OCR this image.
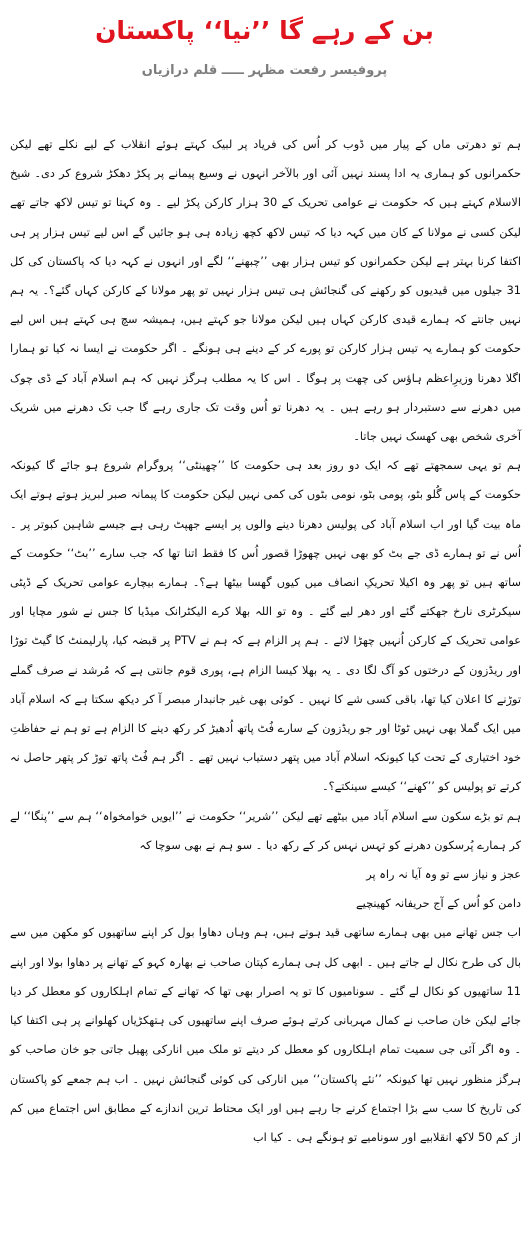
بن کے رہے گا ’’نیا‘‘ پاکستان
پروفیسر رفعت مظہر ـــــ قلم درازیاں

ہم تو دھرتی ماں کے پیار میں ڈوب کر اُس کی فریاد پر لبیک کہتے ہوئے انقلاب کے لیے نکلے تھے لیکن حکمرانوں کو ہماری یہ ادا پسند نہیں آئی اور بالآخر انہوں نے وسیع پیمانے پر پکڑ دھکڑ شروع کر دی۔ شیخ الاسلام کہتے ہیں کہ حکومت نے عوامی تحریک کے 30 ہزار کارکن پکڑ لیے ۔ وہ کہتا تو تیس لاکھ جاتے تھے لیکن کسی نے مولانا کے کان میں کہہ دیا کہ تیس لاکھ کچھ زیادہ ہی ہو جائیں گے اس لیے تیس ہزار پر ہی اکتفا کرنا بہتر ہے لیکن حکمرانوں کو تیس ہزار بھی ’’چبھنے‘‘ لگے اور انہوں نے کہہ دیا کہ پاکستان کی کل 31 جیلوں میں قیدیوں کو رکھنے کی گنجائش ہی تیس ہزار نہیں تو پھر مولانا کے کارکن کہاں گئے؟۔ یہ ہم نہیں جانتے کہ ہمارے قیدی کارکن کہاں ہیں لیکن مولانا جو کہتے ہیں، ہمیشہ سچ ہی کہتے ہیں اس لیے حکومت کو ہمارے یہ تیس ہزار کارکن تو پورے کر کے دینے ہی ہونگے ۔ اگر حکومت نے ایسا نہ کیا تو ہمارا اگلا دھرنا وزیرِاعظم ہاؤس کی چھت پر ہوگا ۔ اس کا یہ مطلب ہرگز نہیں کہ ہم اسلام آباد کے ڈی چوک میں دھرنے سے دستبردار ہو رہے ہیں ۔ یہ دھرنا تو اُس وقت تک جاری رہے گا جب تک دھرنے میں شریک آخری شخص بھی کھسک نہیں جاتا۔

ہم تو یہی سمجھتے تھے کہ ایک دو روز بعد ہی حکومت کا ’’چھینٹی‘‘ پروگرام شروع ہو جائے گا کیونکہ حکومت کے پاس گُلو بٹو، پومی بٹو، نومی بٹوں کی کمی نہیں لیکن حکومت کا پیمانہ صبر لبریز ہوتے ہوتے ایک ماہ بیت گیا اور اب اسلام آباد کی پولیس دھرنا دینے والوں پر ایسے جھپٹ رہی ہے جیسے شاہین کبوتر پر ۔ اُس نے تو ہمارے ڈی جے بٹ کو بھی نہیں چھوڑا قصور اُس کا فقط اتنا تھا کہ جب سارے ’’بٹ‘‘ حکومت کے ساتھ ہیں تو پھر وہ اکیلا تحریکِ انصاف میں کیوں گھسا بیٹھا ہے؟۔ ہمارے بیچارے عوامی تحریک کے ڈپٹی سیکرٹری نارخ جھکتے گئے اور دھر لیے گئے ۔ وہ تو اللہ بھلا کرے الیکٹرانک میڈیا کا جس نے شور مچایا اور عوامی تحریک کے کارکن اُنہیں چھڑا لائے ۔ ہم پر الزام ہے کہ ہم نے PTV پر قبضہ کیا، پارلیمنٹ کا گیٹ توڑا اور ریڈزون کے درختوں کو آگ لگا دی ۔ یہ بھلا کیسا الزام ہے، پوری قوم جانتی ہے کہ مُرشد نے صرف گملے توڑنے کا اعلان کیا تھا، باقی کسی شے کا نہیں ۔ کوئی بھی غیر جانبدار مبصر آ کر دیکھ سکتا ہے کہ اسلام آباد میں ایک گملا بھی نہیں ٹوٹا اور جو ریڈزون کے سارے فُٹ پاتھ اُدھیڑ کر رکھ دینے کا الزام ہے تو ہم نے حفاظتِ خود اختیاری کے تحت کیا کیونکہ اسلام آباد میں پتھر دستیاب نہیں تھے ۔ اگر ہم فُٹ پاتھ توڑ کر پتھر حاصل نہ کرتے تو پولیس کو ’’کھنے‘‘ کیسے سینکتے؟۔

ہم تو بڑے سکون سے اسلام آباد میں بیٹھے تھے لیکن ’’شریر‘‘ حکومت نے ’’ایویں خوامخواہ‘‘ ہم سے ’’پنگا‘‘ لے کر ہمارے پُرسکون دھرنے کو تہس نہس کر کے رکھ دیا ۔ سو ہم نے بھی سوچا کہ

عجز و نیاز سے تو وہ آیا نہ راہ پر

دامن کو اُس کے آج حریفانہ کھینچیے

اب جس تھانے میں بھی ہمارے ساتھی قید ہوتے ہیں، ہم وہاں دھاوا بول کر اپنے ساتھیوں کو مکھن میں سے بال کی طرح نکال لے جاتے ہیں ۔ ابھی کل ہی ہمارے کپتان صاحب نے بھارہ کہو کے تھانے پر دھاوا بولا اور اپنے 11 ساتھیوں کو نکال لے گئے ۔ سونامیوں کا تو یہ اصرار بھی تھا کہ تھانے کے تمام اہلکاروں کو معطل کر دیا جائے لیکن خان صاحب نے کمال مہربانی کرتے ہوئے صرف اپنے ساتھیوں کی ہتھکڑیاں کھلوانے پر ہی اکتفا کیا ۔ وہ اگر آئی جی سمیت تمام اہلکاروں کو معطل کر دیتے تو ملک میں انارکی پھیل جاتی جو خان صاحب کو ہرگز منظور نہیں تھا کیونکہ ’’نئے پاکستان‘‘ میں انارکی کی کوئی گنجائش نہیں ۔ اب ہم جمعے کو پاکستان کی تاریخ کا سب سے بڑا اجتماع کرنے جا رہے ہیں اور ایک محتاط ترین اندازے کے مطابق اس اجتماع میں کم از کم 50 لاکھ انقلابیے اور سونامیے تو ہونگے ہی ۔ کیا اب
